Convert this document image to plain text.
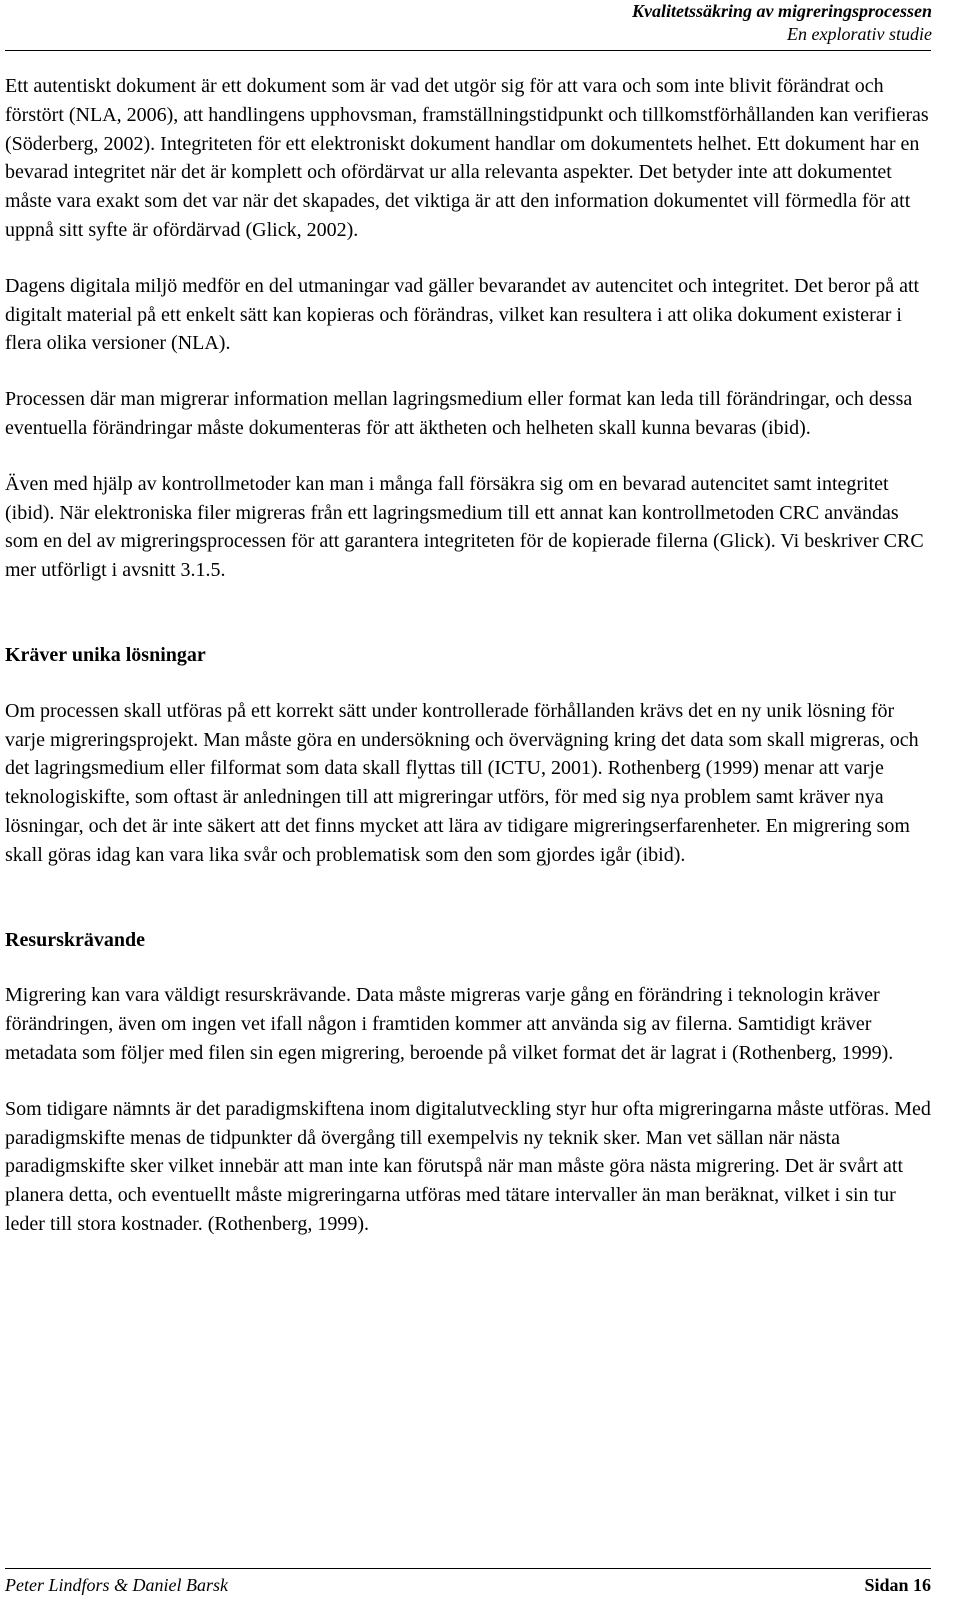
Kvalitetssäkring av migreringsprocessen
En explorativ studie

Ett autentiskt dokument är ett dokument som är vad det utgör sig för att vara och som inte blivit förändrat och förstört (NLA, 2006), att handlingens upphovsman, framställningstidpunkt och tillkomstförhållanden kan verifieras (Söderberg, 2002). Integriteten för ett elektroniskt dokument handlar om dokumentets helhet. Ett dokument har en bevarad integritet när det är komplett och ofördärvat ur alla relevanta aspekter. Det betyder inte att dokumentet måste vara exakt som det var när det skapades, det viktiga är att den information dokumentet vill förmedla för att uppnå sitt syfte är ofördärvad (Glick, 2002).

Dagens digitala miljö medför en del utmaningar vad gäller bevarandet av autencitet och integritet. Det beror på att digitalt material på ett enkelt sätt kan kopieras och förändras, vilket kan resultera i att olika dokument existerar i flera olika versioner (NLA).

Processen där man migrerar information mellan lagringsmedium eller format kan leda till förändringar, och dessa eventuella förändringar måste dokumenteras för att äktheten och helheten skall kunna bevaras (ibid).

Även med hjälp av kontrollmetoder kan man i många fall försäkra sig om en bevarad autencitet samt integritet (ibid). När elektroniska filer migreras från ett lagringsmedium till ett annat kan kontrollmetoden CRC användas som en del av migreringsprocessen för att garantera integriteten för de kopierade filerna (Glick). Vi beskriver CRC mer utförligt i avsnitt 3.1.5.

Kräver unika lösningar

Om processen skall utföras på ett korrekt sätt under kontrollerade förhållanden krävs det en ny unik lösning för varje migreringsprojekt. Man måste göra en undersökning och övervägning kring det data som skall migreras, och det lagringsmedium eller filformat som data skall flyttas till (ICTU, 2001). Rothenberg (1999) menar att varje teknologiskifte, som oftast är anledningen till att migreringar utförs, för med sig nya problem samt kräver nya lösningar, och det är inte säkert att det finns mycket att lära av tidigare migreringserfarenheter. En migrering som skall göras idag kan vara lika svår och problematisk som den som gjordes igår (ibid).

Resurskrävande

Migrering kan vara väldigt resurskrävande. Data måste migreras varje gång en förändring i teknologin kräver förändringen, även om ingen vet ifall någon i framtiden kommer att använda sig av filerna. Samtidigt kräver metadata som följer med filen sin egen migrering, beroende på vilket format det är lagrat i (Rothenberg, 1999).

Som tidigare nämnts är det paradigmskiftena inom digitalutveckling styr hur ofta migreringarna måste utföras. Med paradigmskifte menas de tidpunkter då övergång till exempelvis ny teknik sker. Man vet sällan när nästa paradigmskifte sker vilket innebär att man inte kan förutspå när man måste göra nästa migrering. Det är svårt att planera detta, och eventuellt måste migreringarna utföras med tätare intervaller än man beräknat, vilket i sin tur leder till stora kostnader. (Rothenberg, 1999).

Peter Lindfors & Daniel Barsk	Sidan 16
